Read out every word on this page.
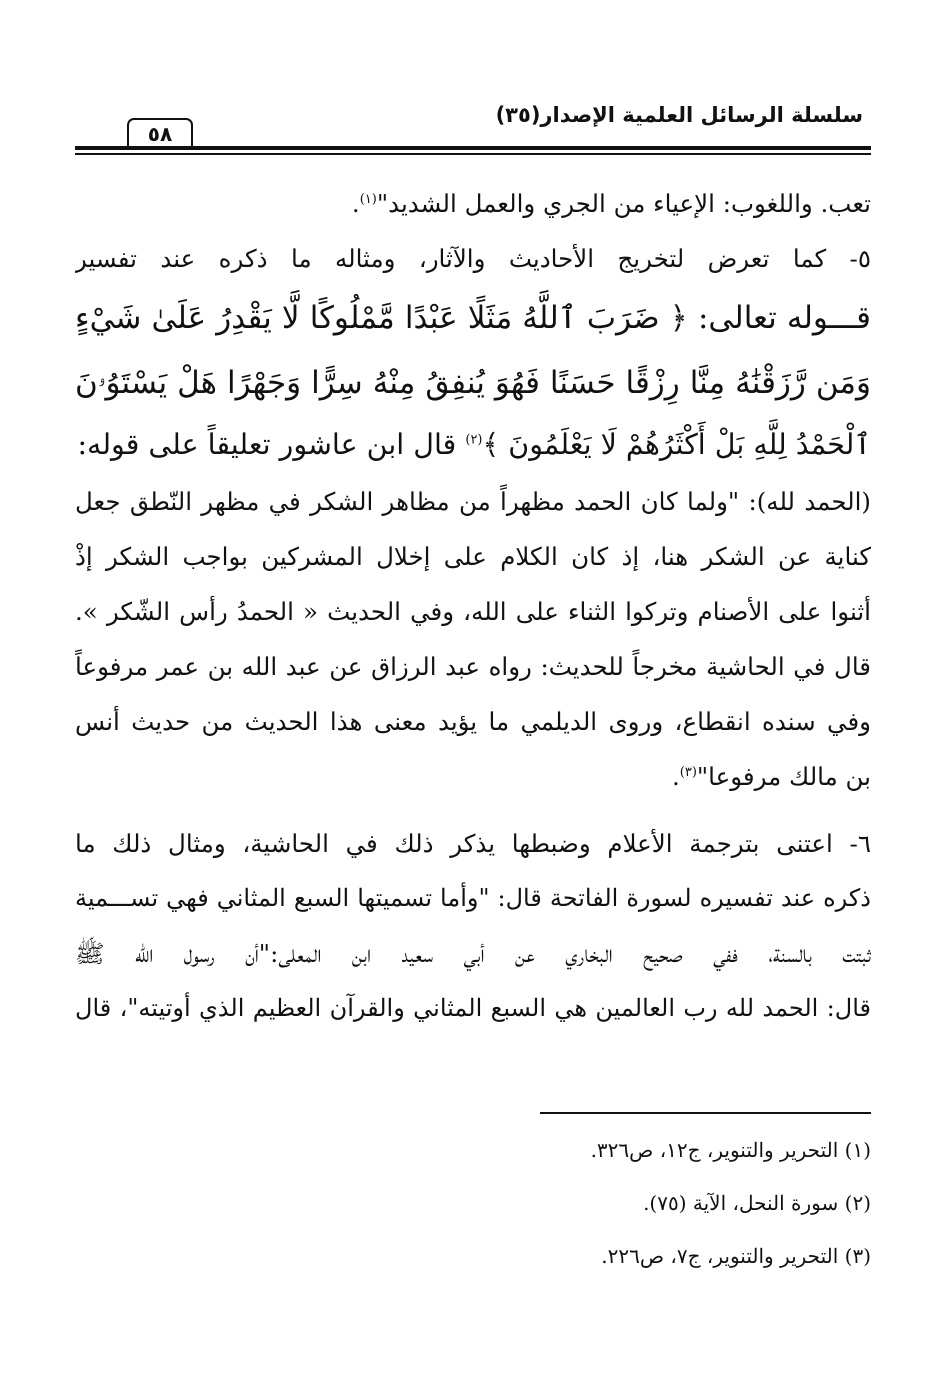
سلسلة الرسائل العلمية الإصدار(٣٥)
٥٨
تعب. واللغوب: الإعياء من الجري والعمل الشديد"$^{(١)}$.
٥- كما تعرض لتخريج الأحاديث والآثار، ومثاله ما ذكره عند تفسير
قـــوله تعالى: ﴿ ضَرَبَ ٱللَّهُ مَثَلًا عَبْدًا مَّمْلُوكًا لَّا يَقْدِرُ عَلَىٰ شَيْءٍ
وَمَن رَّزَقْنَٰهُ مِنَّا رِزْقًا حَسَنًا فَهُوَ يُنفِقُ مِنْهُ سِرًّا وَجَهْرًا هَلْ يَسْتَوُۥنَ
ٱلْحَمْدُ لِلَّهِ بَلْ أَكْثَرُهُمْ لَا يَعْلَمُونَ ﴾$^{(٢)}$ قال ابن عاشور تعليقاً على قوله:
(الحمد لله): "ولما كان الحمد مظهراً من مظاهر الشكر في مظهر النّطق جعل
كناية عن الشكر هنا، إذ كان الكلام على إخلال المشركين بواجب الشكر إذْ
أثنوا على الأصنام وتركوا الثناء على الله، وفي الحديث « الحمدُ رأس الشّكر ».
قال في الحاشية مخرجاً للحديث: رواه عبد الرزاق عن عبد الله بن عمر مرفوعاً
وفي سنده انقطاع، وروى الديلمي ما يؤيد معنى هذا الحديث من حديث أنس
بن مالك مرفوعا"$^{(٣)}$.
٦- اعتنى بترجمة الأعلام وضبطها يذكر ذلك في الحاشية، ومثال ذلك ما
ذكره عند تفسيره لسورة الفاتحة قال: "وأما تسميتها السبع المثاني فهي تســـمية
ثبتت بالسنة، ففي صحيح البخاري عن أبي سعيد ابن المعلى:"أن رسول الله ﷺ
قال: الحمد لله رب العالمين هي السبع المثاني والقرآن العظيم الذي أوتيته"، قال
(١) التحرير والتنوير، ج١٢، ص٣٢٦.
(٢) سورة النحل، الآية (٧٥).
(٣) التحرير والتنوير، ج٧، ص٢٢٦.
